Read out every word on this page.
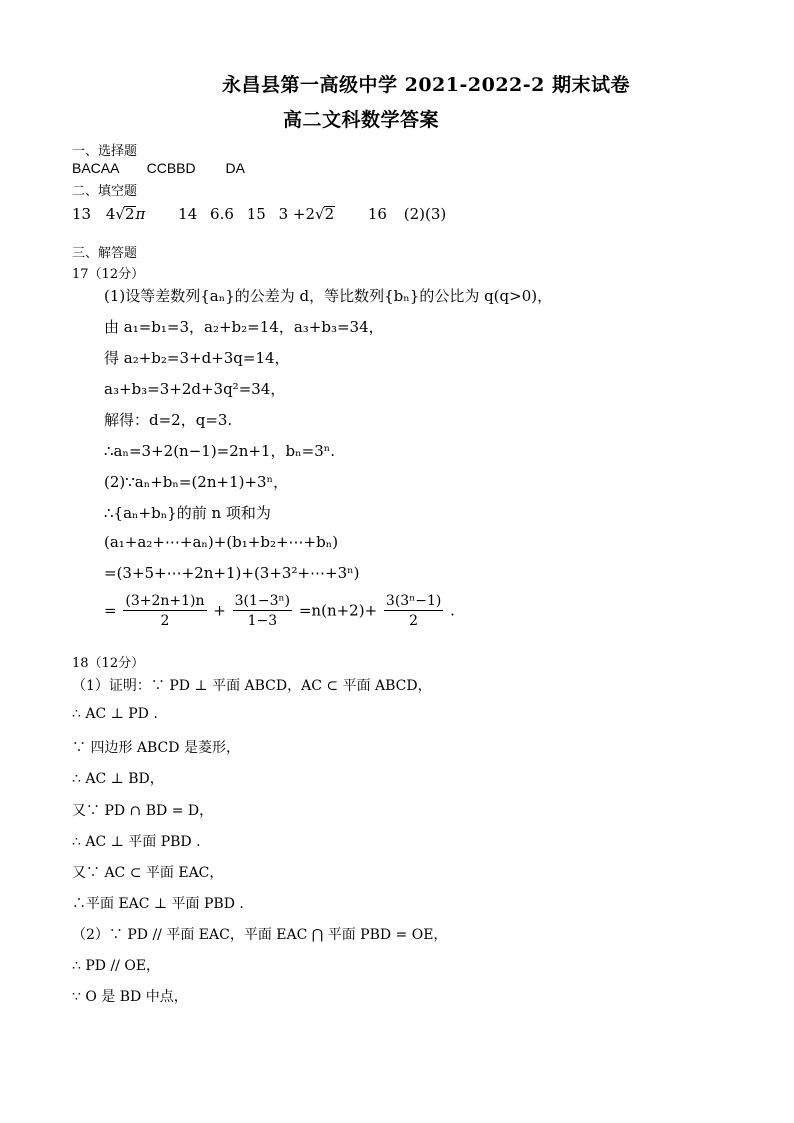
永昌县第一高级中学 2021-2022-2 期末试卷
高二文科数学答案
一、选择题
BACAA CCBBD DA
二、填空题
13 4√2π 14 6.6 15 3 +2√2 16 (2)(3)
三、解答题
17（12分）
(1)设等差数列{aₙ}的公差为 d，等比数列{bₙ}的公比为 q(q>0)，
由 a₁=b₁=3，a₂+b₂=14，a₃+b₃=34，
得 a₂+b₂=3+d+3q=14，
a₃+b₃=3+2d+3q²=34，
解得：d=2，q=3.
∴aₙ=3+2(n−1)=2n+1，bₙ=3ⁿ.
(2)∵aₙ+bₙ=(2n+1)+3ⁿ，
∴{aₙ+bₙ}的前 n 项和为
(a₁+a₂+⋯+aₙ)+(b₁+b₂+⋯+bₙ)
=(3+5+⋯+2n+1)+(3+3²+⋯+3ⁿ)
= $\frac{(3+2n+1)n}{2} + \frac{\text{3(1−3ⁿ)}}{1-3} =n(n+2)+ \frac{\text{3(3ⁿ−1)}}{2}$ .
18（12分）
（1）证明：∵ PD ⊥ 平面 ABCD，AC ⊂ 平面 ABCD，
∴ AC ⊥ PD .
∵ 四边形 ABCD 是菱形，
∴ AC ⊥ BD，
又∵ PD ∩ BD = D，
∴ AC ⊥ 平面 PBD .
又∵ AC ⊂ 平面 EAC，
∴平面 EAC ⊥ 平面 PBD .
（2）∵ PD // 平面 EAC，平面 EAC ⋂ 平面 PBD = OE，
∴ PD // OE，
∵ O 是 BD 中点，
